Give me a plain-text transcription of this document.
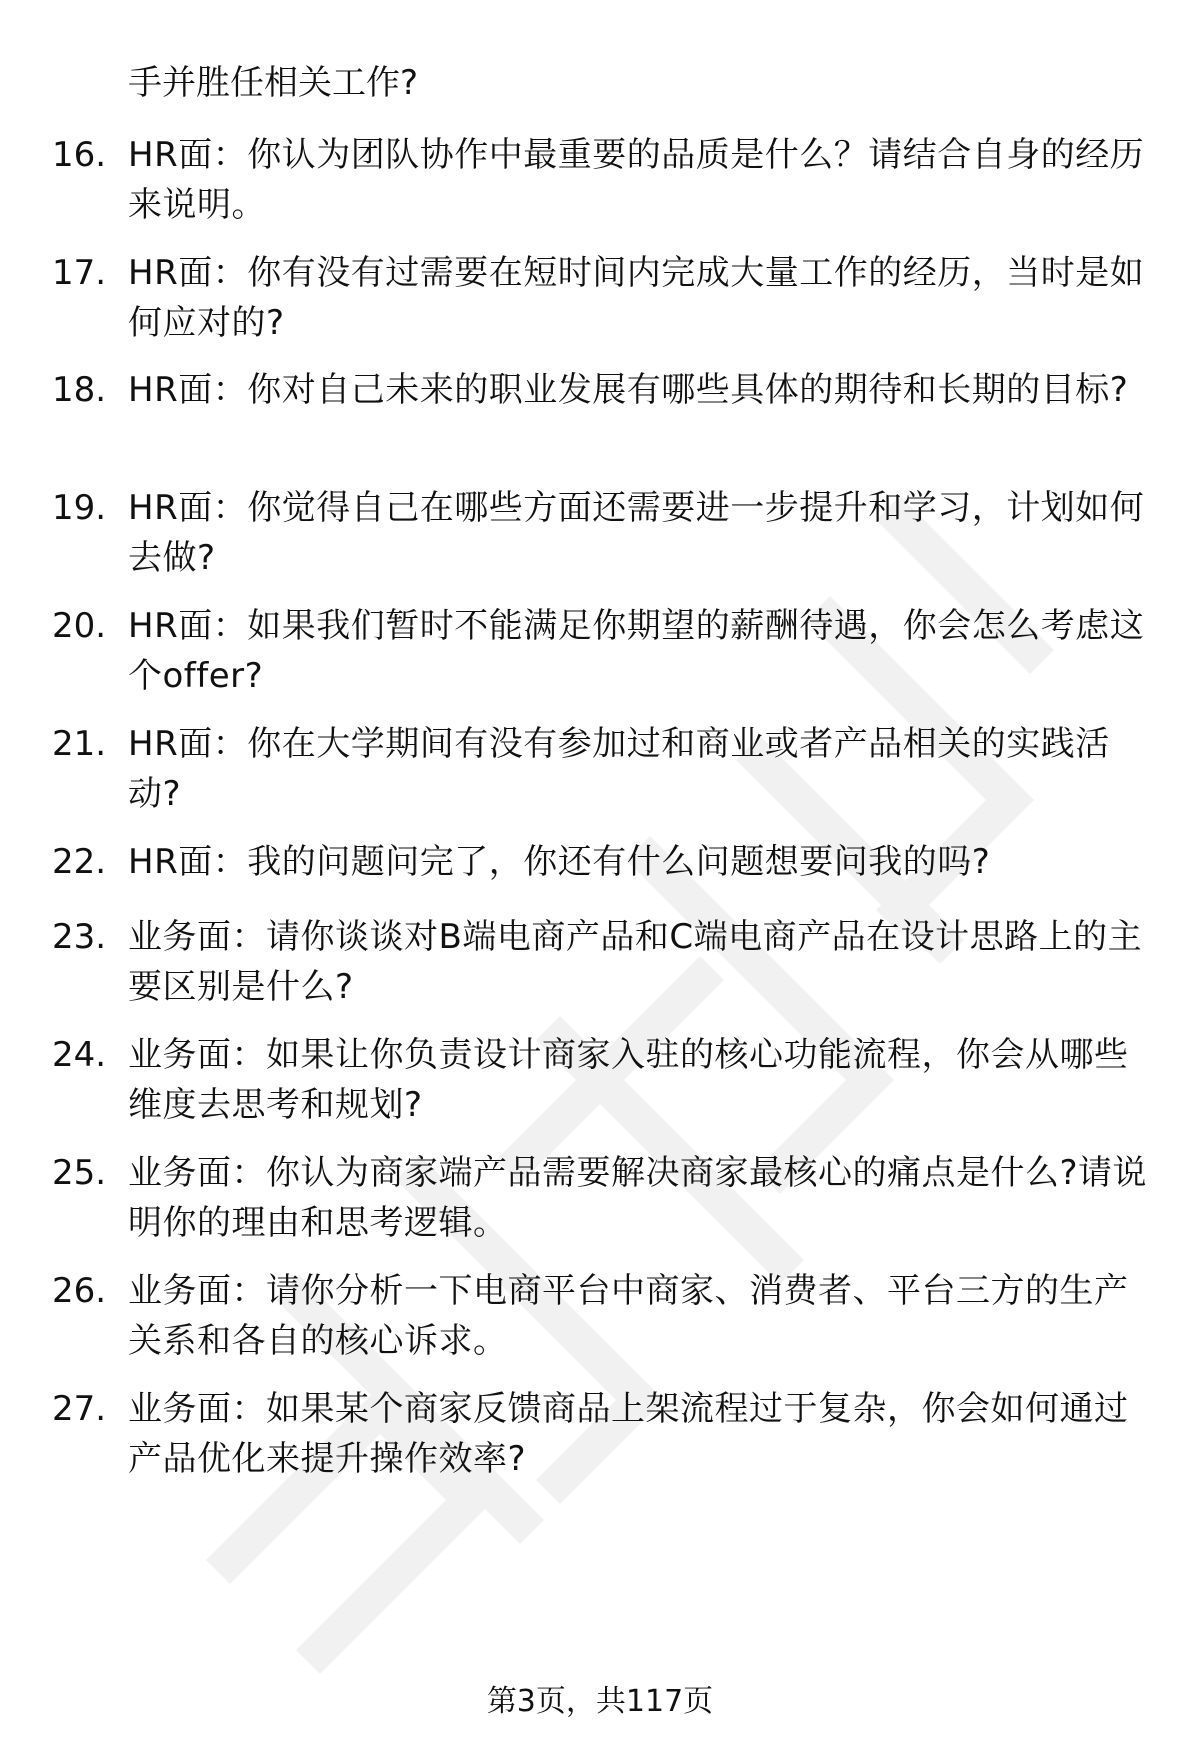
手并胜任相关工作?
16. HR面：你认为团队协作中最重要的品质是什么？请结合自身的经历来说明。
17. HR面：你有没有过需要在短时间内完成大量工作的经历，当时是如何应对的?
18. HR面：你对自己未来的职业发展有哪些具体的期待和长期的目标?
19. HR面：你觉得自己在哪些方面还需要进一步提升和学习，计划如何去做?
20. HR面：如果我们暂时不能满足你期望的薪酬待遇，你会怎么考虑这个offer?
21. HR面：你在大学期间有没有参加过和商业或者产品相关的实践活动?
22. HR面：我的问题问完了，你还有什么问题想要问我的吗?
23. 业务面：请你谈谈对B端电商产品和C端电商产品在设计思路上的主要区别是什么?
24. 业务面：如果让你负责设计商家入驻的核心功能流程，你会从哪些维度去思考和规划?
25. 业务面：你认为商家端产品需要解决商家最核心的痛点是什么?请说明你的理由和思考逻辑。
26. 业务面：请你分析一下电商平台中商家、消费者、平台三方的生产关系和各自的核心诉求。
27. 业务面：如果某个商家反馈商品上架流程过于复杂，你会如何通过产品优化来提升操作效率?
第3页，共117页
